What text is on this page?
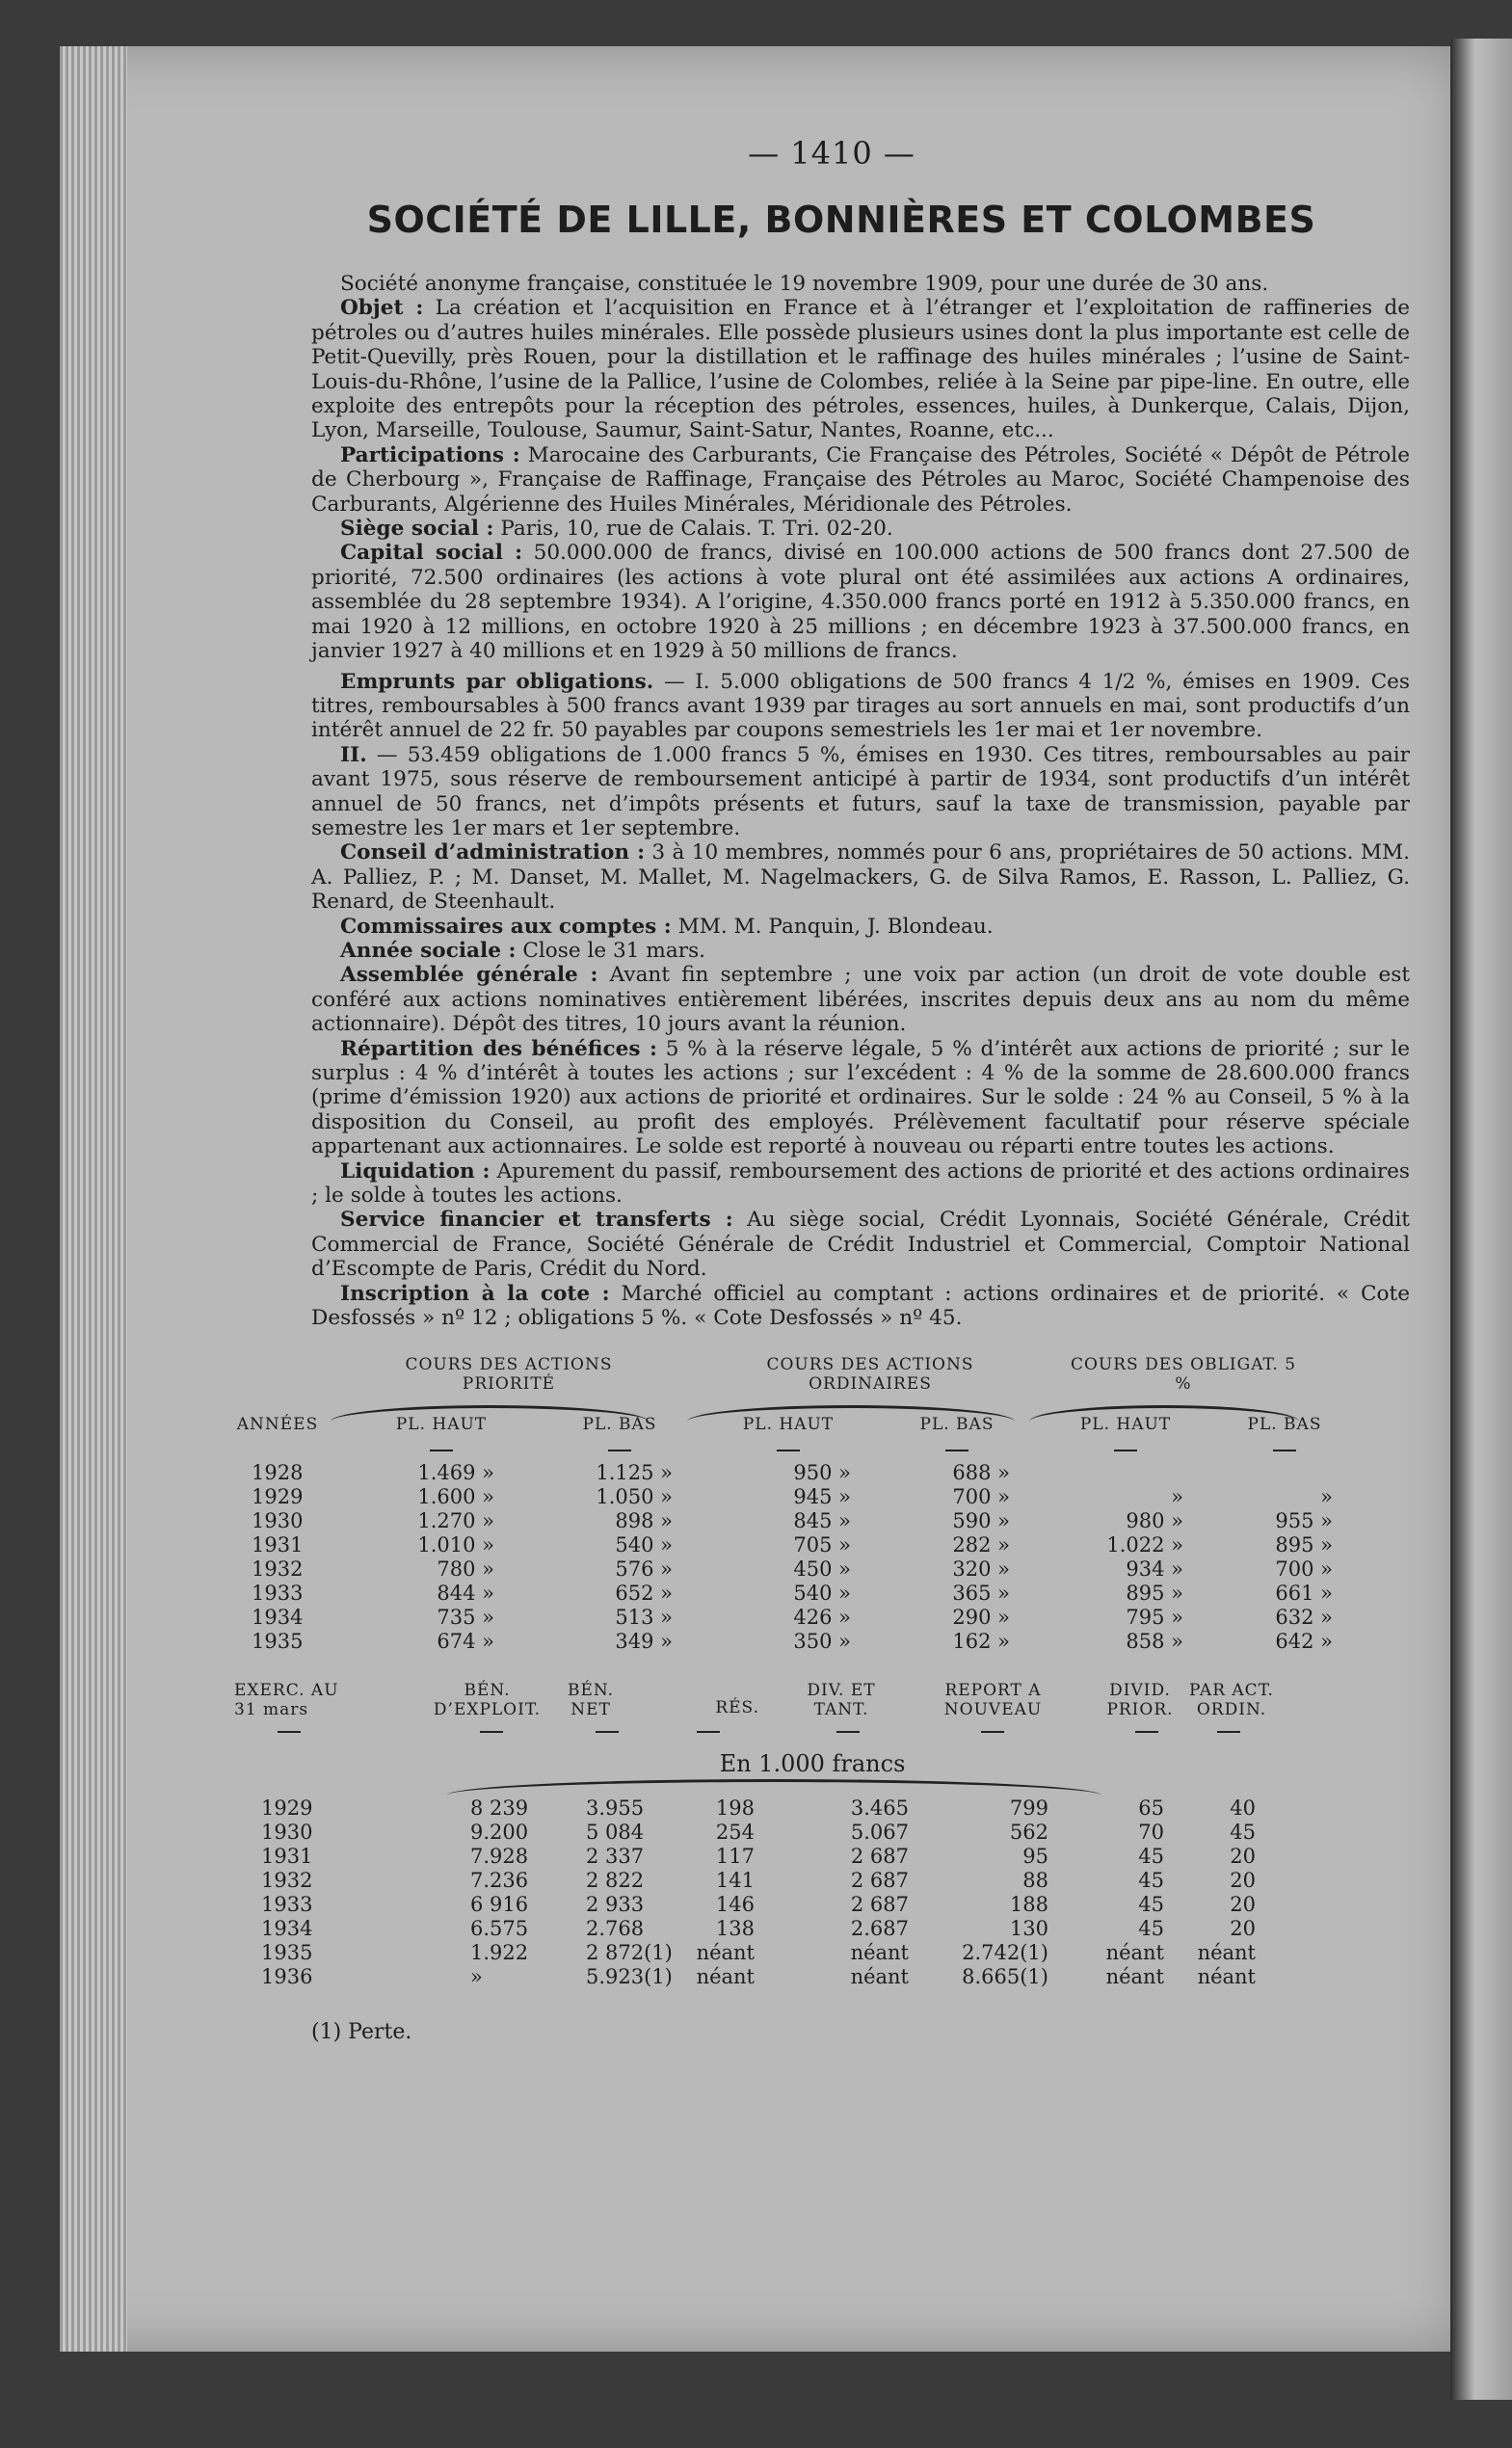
— 1410 —
SOCIÉTÉ DE LILLE, BONNIÈRES ET COLOMBES

Société anonyme française, constituée le 19 novembre 1909, pour une durée de 30 ans.

Objet : La création et l’acquisition en France et à l’étranger et l’exploitation de raffineries de pétroles ou d’autres huiles minérales. Elle possède plusieurs usines dont la plus importante est celle de Petit-Quevilly, près Rouen, pour la distillation et le raffinage des huiles minérales ; l’usine de Saint-Louis-du-Rhône, l’usine de la Pallice, l’usine de Colombes, reliée à la Seine par pipe-line. En outre, elle exploite des entrepôts pour la réception des pétroles, essences, huiles, à Dunkerque, Calais, Dijon, Lyon, Marseille, Toulouse, Saumur, Saint-Satur, Nantes, Roanne, etc...

Participations : Marocaine des Carburants, Cie Française des Pétroles, Société « Dépôt de Pétrole de Cherbourg », Française de Raffinage, Française des Pétroles au Maroc, Société Champenoise des Carburants, Algérienne des Huiles Minérales, Méridionale des Pétroles.

Siège social : Paris, 10, rue de Calais. T. Tri. 02-20.

Capital social : 50.000.000 de francs, divisé en 100.000 actions de 500 francs dont 27.500 de priorité, 72.500 ordinaires (les actions à vote plural ont été assimilées aux actions A ordinaires, assemblée du 28 septembre 1934). A l’origine, 4.350.000 francs porté en 1912 à 5.350.000 francs, en mai 1920 à 12 millions, en octobre 1920 à 25 millions ; en décembre 1923 à 37.500.000 francs, en janvier 1927 à 40 millions et en 1929 à 50 millions de francs.

Emprunts par obligations. — I. 5.000 obligations de 500 francs 4 1/2 %, émises en 1909. Ces titres, remboursables à 500 francs avant 1939 par tirages au sort annuels en mai, sont productifs d’un intérêt annuel de 22 fr. 50 payables par coupons semestriels les 1er mai et 1er novembre.

II. — 53.459 obligations de 1.000 francs 5 %, émises en 1930. Ces titres, remboursables au pair avant 1975, sous réserve de remboursement anticipé à partir de 1934, sont productifs d’un intérêt annuel de 50 francs, net d’impôts présents et futurs, sauf la taxe de transmission, payable par semestre les 1er mars et 1er septembre.

Conseil d’administration : 3 à 10 membres, nommés pour 6 ans, propriétaires de 50 actions. MM. A. Palliez, P. ; M. Danset, M. Mallet, M. Nagelmackers, G. de Silva Ramos, E. Rasson, L. Palliez, G. Renard, de Steenhault.

Commissaires aux comptes : MM. M. Panquin, J. Blondeau.

Année sociale : Close le 31 mars.

Assemblée générale : Avant fin septembre ; une voix par action (un droit de vote double est conféré aux actions nominatives entièrement libérées, inscrites depuis deux ans au nom du même actionnaire). Dépôt des titres, 10 jours avant la réunion.

Répartition des bénéfices : 5 % à la réserve légale, 5 % d’intérêt aux actions de priorité ; sur le surplus : 4 % d’intérêt à toutes les actions ; sur l’excédent : 4 % de la somme de 28.600.000 francs (prime d’émission 1920) aux actions de priorité et ordinaires. Sur le solde : 24 % au Conseil, 5 % à la disposition du Conseil, au profit des employés. Prélèvement facultatif pour réserve spéciale appartenant aux actionnaires. Le solde est reporté à nouveau ou réparti entre toutes les actions.

Liquidation : Apurement du passif, remboursement des actions de priorité et des actions ordinaires ; le solde à toutes les actions.

Service financier et transferts : Au siège social, Crédit Lyonnais, Société Générale, Crédit Commercial de France, Société Générale de Crédit Industriel et Commercial, Comptoir National d’Escompte de Paris, Crédit du Nord.

Inscription à la cote : Marché officiel au comptant : actions ordinaires et de priorité. « Cote Desfossés » nº 12 ; obligations 5 %. « Cote Desfossés » nº 45.

COURS DES ACTIONS PRIORITÉ
COURS DES ACTIONS ORDINAIRES
COURS DES OBLIGAT. 5 %
ANNÉES	PL. HAUT	PL. BAS	PL. HAUT	PL. BAS	PL. HAUT	PL. BAS
1928	1.469 »	1.125 »	950 »	688 »
1929	1.600 »	1.050 »	945 »	700 »	»	»
1930	1.270 »	898 »	845 »	590 »	980 »	955 »
1931	1.010 »	540 »	705 »	282 »	1.022 »	895 »
1932	780 »	576 »	450 »	320 »	934 »	700 »
1933	844 »	652 »	540 »	365 »	895 »	661 »
1934	735 »	513 »	426 »	290 »	795 »	632 »
1935	674 »	349 »	350 »	162 »	858 »	642 »
EXERC. AU 31 mars
BÉN. D’EXPLOIT.
BÉN. NET	RÉS.
DIV. ET TANT.
REPORT A NOUVEAU
DIVID. PRIOR.
PAR ACT. ORDIN.
En 1.000 francs
1929	8 239	3.955	198	3.465	799	65	40
1930	9.200	5 084	254	5.067	562	70	45
1931	7.928	2 337	117	2 687	95	45	20
1932	7.236	2 822	141	2 687	88	45	20
1933	6 916	2 933	146	2 687	188	45	20
1934	6.575	2.768	138	2.687	130	45	20
1935	1.922	2 872(1)	néant	néant	2.742(1)	néant	néant
1936	»	5.923(1)	néant	néant	8.665(1)	néant	néant
(1) Perte.
